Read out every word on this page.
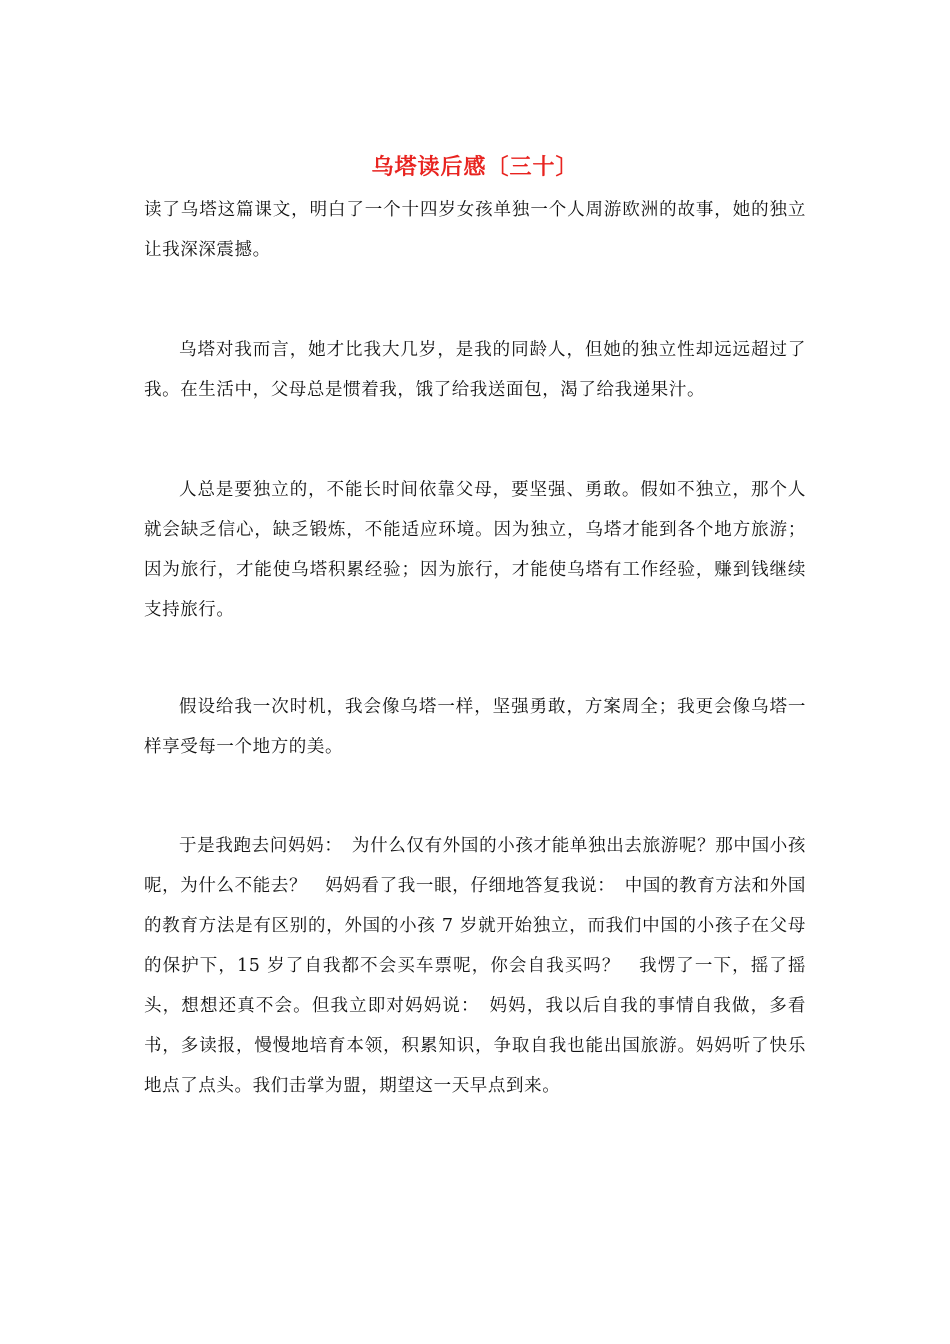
乌塔读后感〔三十〕

读了乌塔这篇课文，明白了一个十四岁女孩单独一个人周游欧洲的故事，她的独立让我深深震撼。

乌塔对我而言，她才比我大几岁，是我的同龄人，但她的独立性却远远超过了我。在生活中，父母总是惯着我，饿了给我送面包，渴了给我递果汁。

人总是要独立的，不能长时间依靠父母，要坚强、勇敢。假如不独立，那个人就会缺乏信心，缺乏锻炼，不能适应环境。因为独立，乌塔才能到各个地方旅游；因为旅行，才能使乌塔积累经验；因为旅行，才能使乌塔有工作经验，赚到钱继续支持旅行。

假设给我一次时机，我会像乌塔一样，坚强勇敢，方案周全；我更会像乌塔一样享受每一个地方的美。

于是我跑去问妈妈：　为什么仅有外国的小孩才能单独出去旅游呢？那中国小孩呢，为什么不能去？　妈妈看了我一眼，仔细地答复我说：　中国的教育方法和外国的教育方法是有区别的，外国的小孩 7 岁就开始独立，而我们中国的小孩子在父母的保护下，15 岁了自我都不会买车票呢，你会自我买吗？　我愣了一下，摇了摇头，想想还真不会。但我立即对妈妈说：　妈妈，我以后自我的事情自我做，多看书，多读报，慢慢地培育本领，积累知识，争取自我也能出国旅游。妈妈听了快乐地点了点头。我们击掌为盟，期望这一天早点到来。
